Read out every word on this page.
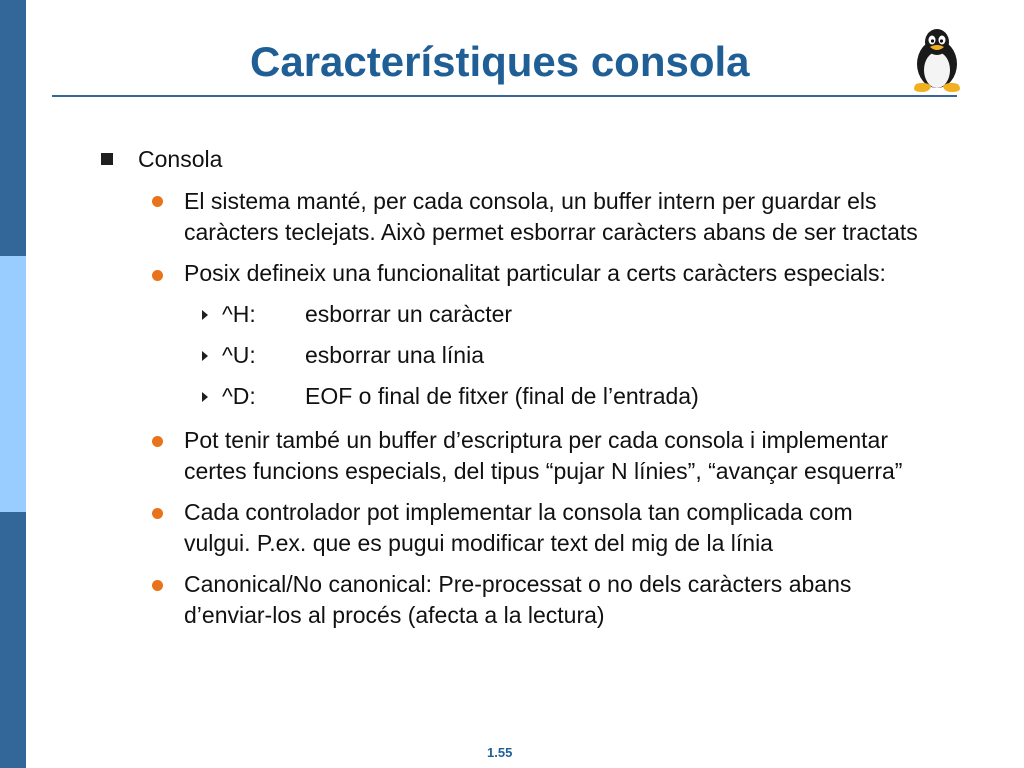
Característiques consola
Consola
El sistema manté, per cada consola, un buffer intern per guardar els
caràcters teclejats. Això permet esborrar caràcters abans de ser tractats
Posix defineix una funcionalitat particular a certs caràcters especials:
^H: esborrar un caràcter
^U: esborrar una línia
^D: EOF o final de fitxer (final de l’entrada)
Pot tenir també un buffer d’escriptura per cada consola i implementar
certes funcions especials, del tipus “pujar N línies”, “avançar esquerra”
Cada controlador pot implementar la consola tan complicada com
vulgui. P.ex. que es pugui modificar text del mig de la línia
Canonical/No canonical: Pre-processat o no dels caràcters abans
d’enviar-los al procés (afecta a la lectura)
1.55
